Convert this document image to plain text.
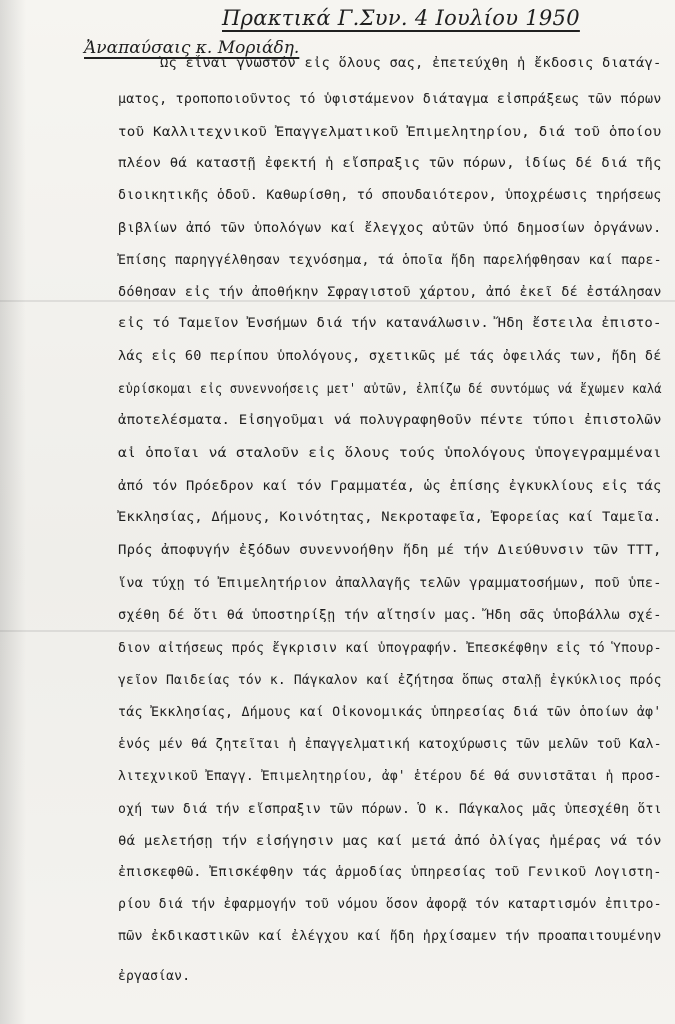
Πρακτικά Γ.Συν. 4 Ιουλίου 1950
Ἀναπαύσαις κ. Μοριάδη.
Ὡς εἶναι γνωστόν εἰς ὅλους σας, ἐπετεύχθη ἡ ἔκδοσις διατάγ-
ματος, τροποποιοῦντος τό ὑφιστάμενον διάταγμα εἰσπράξεως τῶν πόρων
τοῦ Καλλιτεχνικοῦ Ἐπαγγελματικοῦ Ἐπιμελητηρίου, διά τοῦ ὁποίου
πλέον θά καταστῇ ἐφεκτή ἡ εἴσπραξις τῶν πόρων, ἰδίως δέ διά τῆς
διοικητικῆς ὁδοῦ. Καθωρίσθη, τό σπουδαιότερον, ὑποχρέωσις τηρήσεως
βιβλίων ἀπό τῶν ὑπολόγων καί ἔλεγχος αὐτῶν ὑπό δημοσίων ὀργάνων.
Ἐπίσης παρηγγέλθησαν τεχνόσημα, τά ὁποῖα ἤδη παρελήφθησαν καί παρε-
δόθησαν εἰς τήν ἀποθήκην Σφραγιστοῦ χάρτου, ἀπό ἐκεῖ δέ ἐστάλησαν
εἰς τό Ταμεῖον Ἐνσήμων διά τήν κατανάλωσιν. Ἤδη ἔστειλα ἐπιστο-
λάς εἰς 60 περίπου ὑπολόγους, σχετικῶς μέ τάς ὀφειλάς των, ἤδη δέ
εὑρίσκομαι εἰς συνεννοήσεις μετ' αὐτῶν, ἐλπίζω δέ συντόμως νά ἔχωμεν καλά
ἀποτελέσματα. Εἰσηγοῦμαι νά πολυγραφηθοῦν πέντε τύποι ἐπιστολῶν
αἱ ὁποῖαι νά σταλοῦν εἰς ὅλους τούς ὑπολόγους ὑπογεγραμμέναι
ἀπό τόν Πρόεδρον καί τόν Γραμματέα, ὡς ἐπίσης ἐγκυκλίους εἰς τάς
Ἐκκλησίας, Δήμους, Κοινότητας, Νεκροταφεῖα, Ἐφορείας καί Ταμεῖα.
Πρός ἀποφυγήν ἐξόδων συνεννοήθην ἤδη μέ τήν Διεύθυνσιν τῶν ΤΤΤ,
ἵνα τύχῃ τό Ἐπιμελητήριον ἀπαλλαγῆς τελῶν γραμματοσήμων, ποῦ ὑπε-
σχέθη δέ ὅτι θά ὑποστηρίξῃ τήν αἴτησίν μας. Ἤδη σᾶς ὑποβάλλω σχέ-
διον αἰτήσεως πρός ἔγκρισιν καί ὑπογραφήν. Ἐπεσκέφθην εἰς τό Ὑπουρ-
γεῖον Παιδείας τόν κ. Πάγκαλον καί ἐζήτησα ὅπως σταλῇ ἐγκύκλιος πρός
τάς Ἐκκλησίας, Δήμους καί Οἰκονομικάς ὑπηρεσίας διά τῶν ὁποίων ἀφ'
ἑνός μέν θά ζητεῖται ἡ ἐπαγγελματική κατοχύρωσις τῶν μελῶν τοῦ Καλ-
λιτεχνικοῦ Ἐπαγγ. Ἐπιμελητηρίου, ἀφ' ἑτέρου δέ θά συνιστᾶται ἡ προσ-
οχή των διά τήν εἴσπραξιν τῶν πόρων. Ὁ κ. Πάγκαλος μᾶς ὑπεσχέθη ὅτι
θά μελετήσῃ τήν εἰσήγησιν μας καί μετά ἀπό ὀλίγας ἡμέρας νά τόν
ἐπισκεφθῶ. Ἐπισκέφθην τάς ἁρμοδίας ὑπηρεσίας τοῦ Γενικοῦ Λογιστη-
ρίου διά τήν ἐφαρμογήν τοῦ νόμου ὅσον ἀφορᾷ τόν καταρτισμόν ἐπιτρο-
πῶν ἐκδικαστικῶν καί ἐλέγχου καί ἤδη ἠρχίσαμεν τήν προαπαιτουμένην
ἐργασίαν.
